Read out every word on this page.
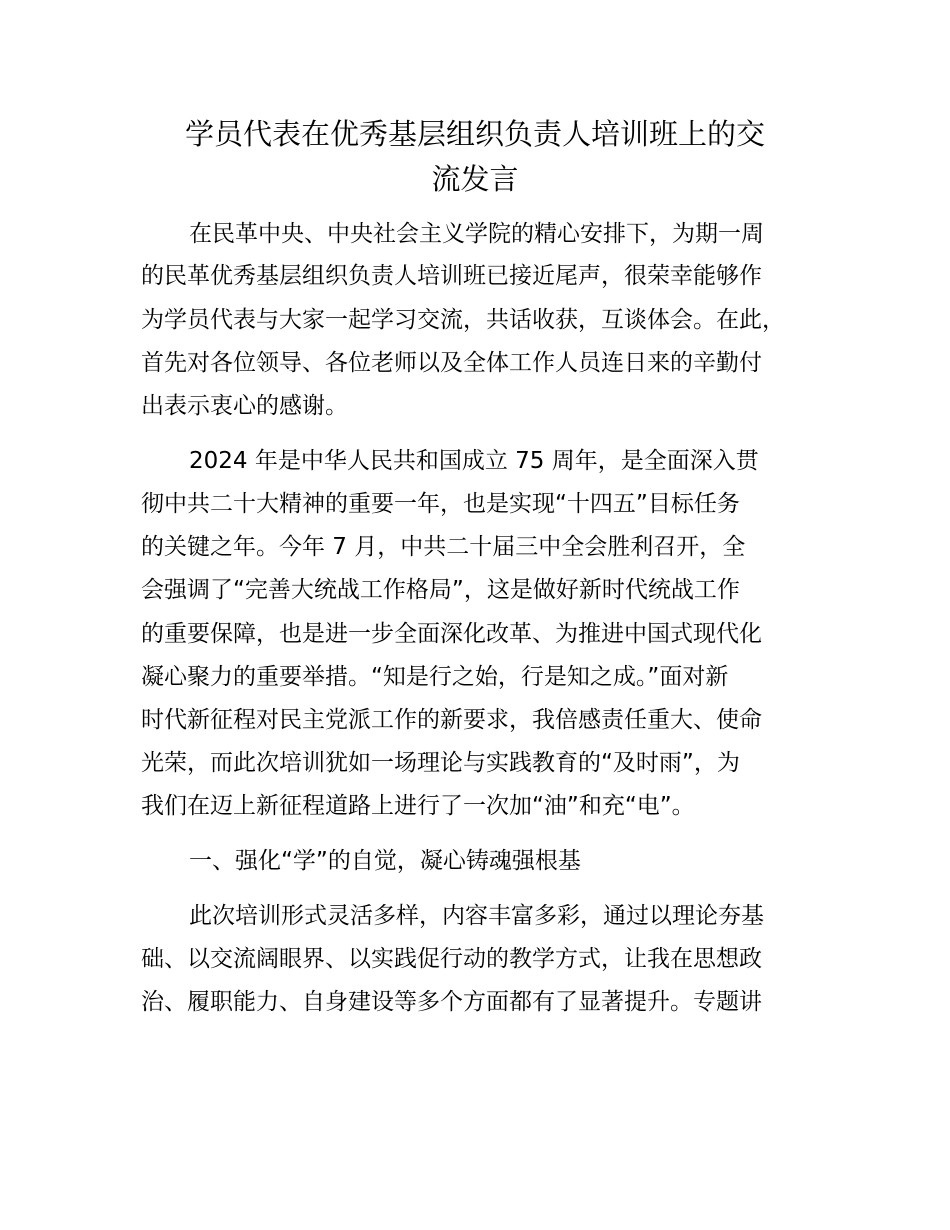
学员代表在优秀基层组织负责人培训班上的交
流发言

在民革中央、中央社会主义学院的精心安排下，为期一周

的民革优秀基层组织负责人培训班已接近尾声，很荣幸能够作

为学员代表与大家一起学习交流，共话收获，互谈体会。在此，

首先对各位领导、各位老师以及全体工作人员连日来的辛勤付

出表示衷心的感谢。

2024 年是中华人民共和国成立 75 周年，是全面深入贯

彻中共二十大精神的重要一年，也是实现“十四五”目标任务

的关键之年。今年 7 月，中共二十届三中全会胜利召开，全

会强调了“完善大统战工作格局”，这是做好新时代统战工作

的重要保障，也是进一步全面深化改革、为推进中国式现代化

凝心聚力的重要举措。“知是行之始，行是知之成。”面对新

时代新征程对民主党派工作的新要求，我倍感责任重大、使命

光荣，而此次培训犹如一场理论与实践教育的“及时雨”，为

我们在迈上新征程道路上进行了一次加“油”和充“电”。

一、强化“学”的自觉，凝心铸魂强根基

此次培训形式灵活多样，内容丰富多彩，通过以理论夯基

础、以交流阔眼界、以实践促行动的教学方式，让我在思想政

治、履职能力、自身建设等多个方面都有了显著提升。专题讲
